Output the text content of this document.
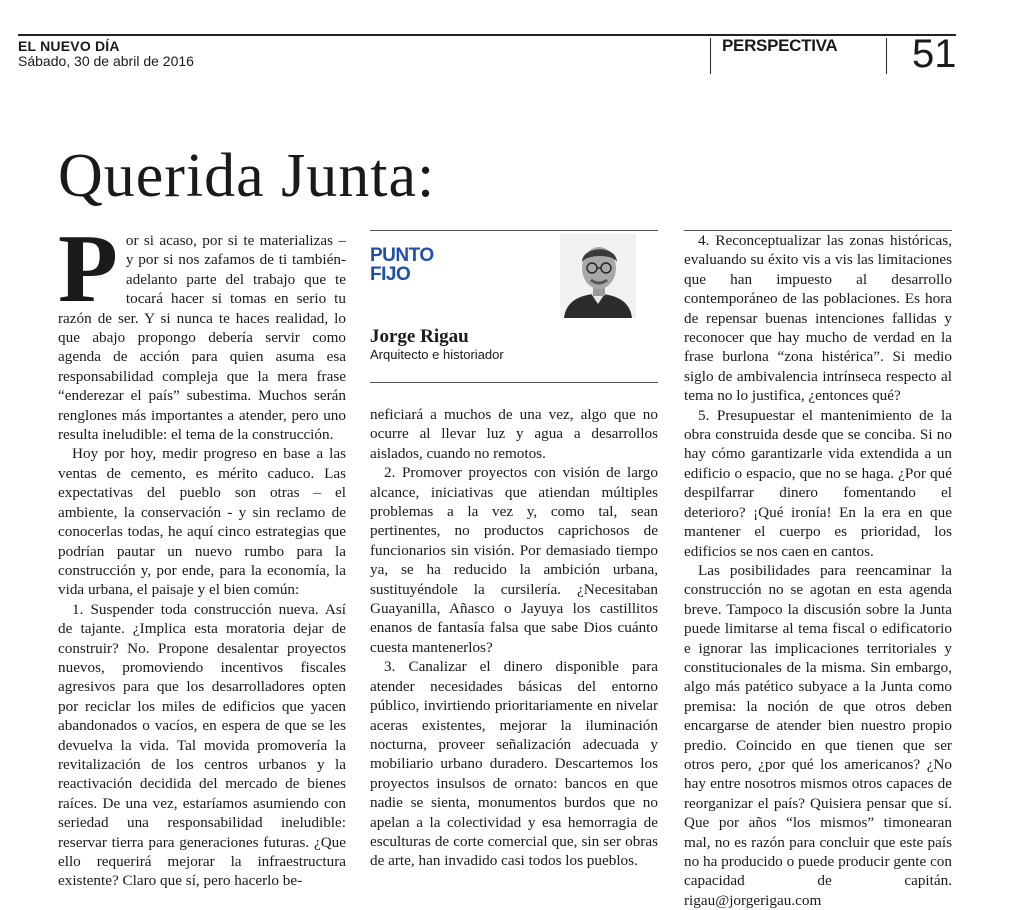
EL NUEVO DÍA
Sábado, 30 de abril de 2016
PERSPECTIVA 51
Querida Junta:

Por si acaso, por si te materializas – y por si nos zafamos de ti también- adelanto parte del trabajo que te tocará hacer si tomas en serio tu razón de ser. Y si nunca te haces realidad, lo que abajo propongo debería servir como agenda de acción para quien asuma esa responsabilidad compleja que la mera frase “enderezar el país” subestima. Muchos serán renglones más importantes a atender, pero uno resulta ineludible: el tema de la construcción.

Hoy por hoy, medir progreso en base a las ventas de cemento, es mérito caduco. Las expectativas del pueblo son otras – el ambiente, la conservación - y sin reclamo de conocerlas todas, he aquí cinco estrategias que podrían pautar un nuevo rumbo para la construcción y, por ende, para la economía, la vida urbana, el paisaje y el bien común:

1. Suspender toda construcción nueva. Así de tajante. ¿Implica esta moratoria dejar de construir? No. Propone desalentar proyectos nuevos, promoviendo incentivos fiscales agresivos para que los desarrolladores opten por reciclar los miles de edificios que yacen abandonados o vacíos, en espera de que se les devuelva la vida. Tal movida promovería la revitalización de los centros urbanos y la reactivación decidida del mercado de bienes raíces. De una vez, estaríamos asumiendo con seriedad una responsabilidad ineludible: reservar tierra para generaciones futuras. ¿Que ello requerirá mejorar la infraestructura existente? Claro que sí, pero hacerlo be-

PUNTO
FIJO
Jorge Rigau
Arquitecto e historiador

neficiará a muchos de una vez, algo que no ocurre al llevar luz y agua a desarrollos aislados, cuando no remotos.

2. Promover proyectos con visión de largo alcance, iniciativas que atiendan múltiples problemas a la vez y, como tal, sean pertinentes, no productos caprichosos de funcionarios sin visión. Por demasiado tiempo ya, se ha reducido la ambición urbana, sustituyéndole la cursilería. ¿Necesitaban Guayanilla, Añasco o Jayuya los castillitos enanos de fantasía falsa que sabe Dios cuánto cuesta mantenerlos?

3. Canalizar el dinero disponible para atender necesidades básicas del entorno público, invirtiendo prioritariamente en nivelar aceras existentes, mejorar la iluminación nocturna, proveer señalización adecuada y mobiliario urbano duradero. Descartemos los proyectos insulsos de ornato: bancos en que nadie se sienta, monumentos burdos que no apelan a la colectividad y esa hemorragia de esculturas de corte comercial que, sin ser obras de arte, han invadido casi todos los pueblos.

4. Reconceptualizar las zonas históricas, evaluando su éxito vis a vis las limitaciones que han impuesto al desarrollo contemporáneo de las poblaciones. Es hora de repensar buenas intenciones fallidas y reconocer que hay mucho de verdad en la frase burlona “zona histérica”. Si medio siglo de ambivalencia intrínseca respecto al tema no lo justifica, ¿entonces qué?

5. Presupuestar el mantenimiento de la obra construida desde que se conciba. Si no hay cómo garantizarle vida extendida a un edificio o espacio, que no se haga. ¿Por qué despilfarrar dinero fomentando el deterioro? ¡Qué ironía! En la era en que mantener el cuerpo es prioridad, los edificios se nos caen en cantos.

Las posibilidades para reencaminar la construcción no se agotan en esta agenda breve. Tampoco la discusión sobre la Junta puede limitarse al tema fiscal o edificatorio e ignorar las implicaciones territoriales y constitucionales de la misma. Sin embargo, algo más patético subyace a la Junta como premisa: la noción de que otros deben encargarse de atender bien nuestro propio predio. Coincido en que tienen que ser otros pero, ¿por qué los americanos? ¿No hay entre nosotros mismos otros capaces de reorganizar el país? Quisiera pensar que sí. Que por años “los mismos” timonearan mal, no es razón para concluir que este país no ha producido o puede producir gente con capacidad de capitán. rigau@jorgerigau.com
